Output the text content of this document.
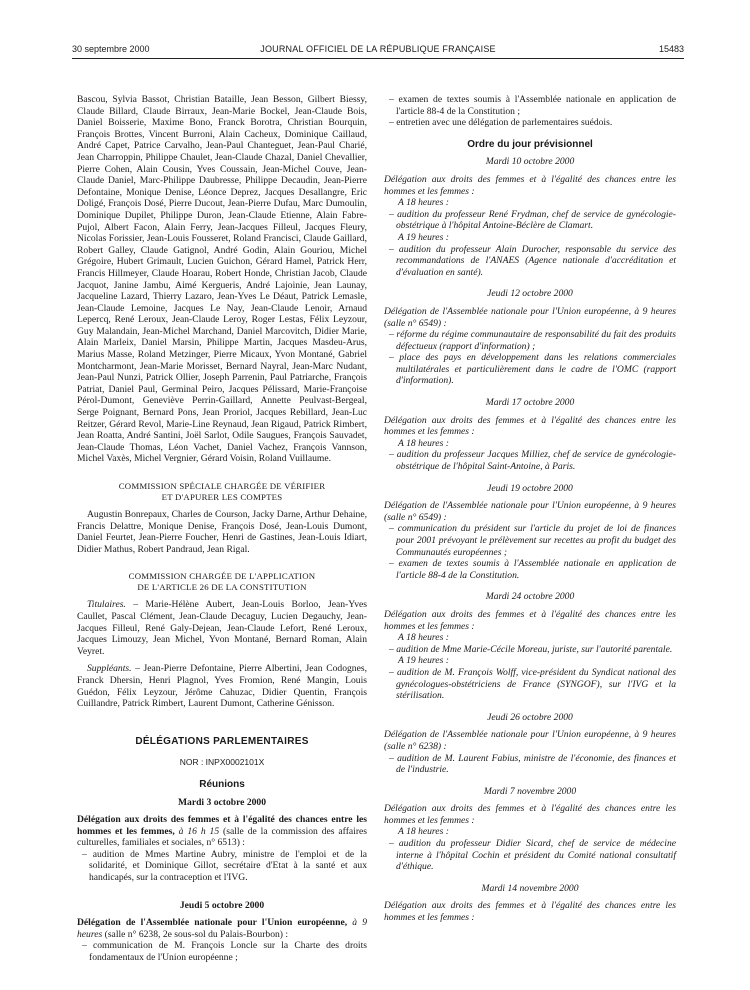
30 septembre 2000	JOURNAL OFFICIEL DE LA RÉPUBLIQUE FRANÇAISE	15483

Bascou, Sylvia Bassot, Christian Bataille, Jean Besson, Gilbert Biessy, Claude Billard, Claude Birraux, Jean-Marie Bockel, Jean-Claude Bois, Daniel Boisserie, Maxime Bono, Franck Borotra, Christian Bourquin, François Brottes, Vincent Burroni, Alain Cacheux, Dominique Caillaud, André Capet, Patrice Carvalho, Jean-Paul Chanteguet, Jean-Paul Charié, Jean Charroppin, Philippe Chaulet, Jean-Claude Chazal, Daniel Chevallier, Pierre Cohen, Alain Cousin, Yves Coussain, Jean-Michel Couve, Jean-Claude Daniel, Marc-Philippe Daubresse, Philippe Decaudin, Jean-Pierre Defontaine, Monique Denise, Léonce Deprez, Jacques Desallangre, Eric Doligé, François Dosé, Pierre Ducout, Jean-Pierre Dufau, Marc Dumoulin, Dominique Dupilet, Philippe Duron, Jean-Claude Etienne, Alain Fabre-Pujol, Albert Facon, Alain Ferry, Jean-Jacques Filleul, Jacques Fleury, Nicolas Forissier, Jean-Louis Fousseret, Roland Francisci, Claude Gaillard, Robert Galley, Claude Gatignol, André Godin, Alain Gouriou, Michel Grégoire, Hubert Grimault, Lucien Guichon, Gérard Hamel, Patrick Herr, Francis Hillmeyer, Claude Hoarau, Robert Honde, Christian Jacob, Claude Jacquot, Janine Jambu, Aimé Kergueris, André Lajoinie, Jean Launay, Jacqueline Lazard, Thierry Lazaro, Jean-Yves Le Déaut, Patrick Lemasle, Jean-Claude Lemoine, Jacques Le Nay, Jean-Claude Lenoir, Arnaud Lepercq, René Leroux, Jean-Claude Leroy, Roger Lestas, Félix Leyzour, Guy Malandain, Jean-Michel Marchand, Daniel Marcovitch, Didier Marie, Alain Marleix, Daniel Marsin, Philippe Martin, Jacques Masdeu-Arus, Marius Masse, Roland Metzinger, Pierre Micaux, Yvon Montané, Gabriel Montcharmont, Jean-Marie Morisset, Bernard Nayral, Jean-Marc Nudant, Jean-Paul Nunzi, Patrick Ollier, Joseph Parrenin, Paul Patriarche, François Patriat, Daniel Paul, Germinal Peiro, Jacques Pélissard, Marie-Françoise Pérol-Dumont, Geneviève Perrin-Gaillard, Annette Peulvast-Bergeal, Serge Poignant, Bernard Pons, Jean Proriol, Jacques Rebillard, Jean-Luc Reitzer, Gérard Revol, Marie-Line Reynaud, Jean Rigaud, Patrick Rimbert, Jean Roatta, André Santini, Joël Sarlot, Odile Saugues, François Sauvadet, Jean-Claude Thomas, Léon Vachet, Daniel Vachez, François Vannson, Michel Vaxès, Michel Vergnier, Gérard Voisin, Roland Vuillaume.

COMMISSION SPÉCIALE CHARGÉE DE VÉRIFIER
ET D'APURER LES COMPTES

Augustin Bonrepaux, Charles de Courson, Jacky Darne, Arthur Dehaine, Francis Delattre, Monique Denise, François Dosé, Jean-Louis Dumont, Daniel Feurtet, Jean-Pierre Foucher, Henri de Gastines, Jean-Louis Idiart, Didier Mathus, Robert Pandraud, Jean Rigal.

COMMISSION CHARGÉE DE L'APPLICATION
DE L'ARTICLE 26 DE LA CONSTITUTION

Titulaires. – Marie-Hélène Aubert, Jean-Louis Borloo, Jean-Yves Caullet, Pascal Clément, Jean-Claude Decaguy, Lucien Degauchy, Jean-Jacques Filleul, René Galy-Dejean, Jean-Claude Lefort, René Leroux, Jacques Limouzy, Jean Michel, Yvon Montané, Bernard Roman, Alain Veyret.

Suppléants. – Jean-Pierre Defontaine, Pierre Albertini, Jean Codognes, Franck Dhersin, Henri Plagnol, Yves Fromion, René Mangin, Louis Guédon, Félix Leyzour, Jérôme Cahuzac, Didier Quentin, François Cuillandre, Patrick Rimbert, Laurent Dumont, Catherine Génisson.

DÉLÉGATIONS PARLEMENTAIRES
NOR : INPX0002101X
Réunions
Mardi 3 octobre 2000

Délégation aux droits des femmes et à l'égalité des chances entre les hommes et les femmes, à 16 h 15 (salle de la commission des affaires culturelles, familiales et sociales, n° 6513) :

– audition de Mmes Martine Aubry, ministre de l'emploi et de la solidarité, et Dominique Gillot, secrétaire d'Etat à la santé et aux handicapés, sur la contraception et l'IVG.

Jeudi 5 octobre 2000

Délégation de l'Assemblée nationale pour l'Union européenne, à 9 heures (salle n° 6238, 2e sous-sol du Palais-Bourbon) :

– communication de M. François Loncle sur la Charte des droits fondamentaux de l'Union européenne ;

– examen de textes soumis à l'Assemblée nationale en application de l'article 88-4 de la Constitution ;

– entretien avec une délégation de parlementaires suédois.

Ordre du jour prévisionnel
Mardi 10 octobre 2000

Délégation aux droits des femmes et à l'égalité des chances entre les hommes et les femmes :

A 18 heures :

– audition du professeur René Frydman, chef de service de gynécologie-obstétrique à l'hôpital Antoine-Béclère de Clamart.

A 19 heures :

– audition du professeur Alain Durocher, responsable du service des recommandations de l'ANAES (Agence nationale d'accréditation et d'évaluation en santé).

Jeudi 12 octobre 2000

Délégation de l'Assemblée nationale pour l'Union européenne, à 9 heures (salle n° 6549) :

– réforme du régime communautaire de responsabilité du fait des produits défectueux (rapport d'information) ;

– place des pays en développement dans les relations commerciales multilatérales et particulièrement dans le cadre de l'OMC (rapport d'information).

Mardi 17 octobre 2000

Délégation aux droits des femmes et à l'égalité des chances entre les hommes et les femmes :

A 18 heures :

– audition du professeur Jacques Milliez, chef de service de gynécologie-obstétrique de l'hôpital Saint-Antoine, à Paris.

Jeudi 19 octobre 2000

Délégation de l'Assemblée nationale pour l'Union européenne, à 9 heures (salle n° 6549) :

– communication du président sur l'article du projet de loi de finances pour 2001 prévoyant le prélèvement sur recettes au profit du budget des Communautés européennes ;

– examen de textes soumis à l'Assemblée nationale en application de l'article 88-4 de la Constitution.

Mardi 24 octobre 2000

Délégation aux droits des femmes et à l'égalité des chances entre les hommes et les femmes :

A 18 heures :

– audition de Mme Marie-Cécile Moreau, juriste, sur l'autorité parentale.

A 19 heures :

– audition de M. François Wolff, vice-président du Syndicat national des gynécologues-obstétriciens de France (SYNGOF), sur l'IVG et la stérilisation.

Jeudi 26 octobre 2000

Délégation de l'Assemblée nationale pour l'Union européenne, à 9 heures (salle n° 6238) :

– audition de M. Laurent Fabius, ministre de l'économie, des finances et de l'industrie.

Mardi 7 novembre 2000

Délégation aux droits des femmes et à l'égalité des chances entre les hommes et les femmes :

A 18 heures :

– audition du professeur Didier Sicard, chef de service de médecine interne à l'hôpital Cochin et président du Comité national consultatif d'éthique.

Mardi 14 novembre 2000

Délégation aux droits des femmes et à l'égalité des chances entre les hommes et les femmes :
